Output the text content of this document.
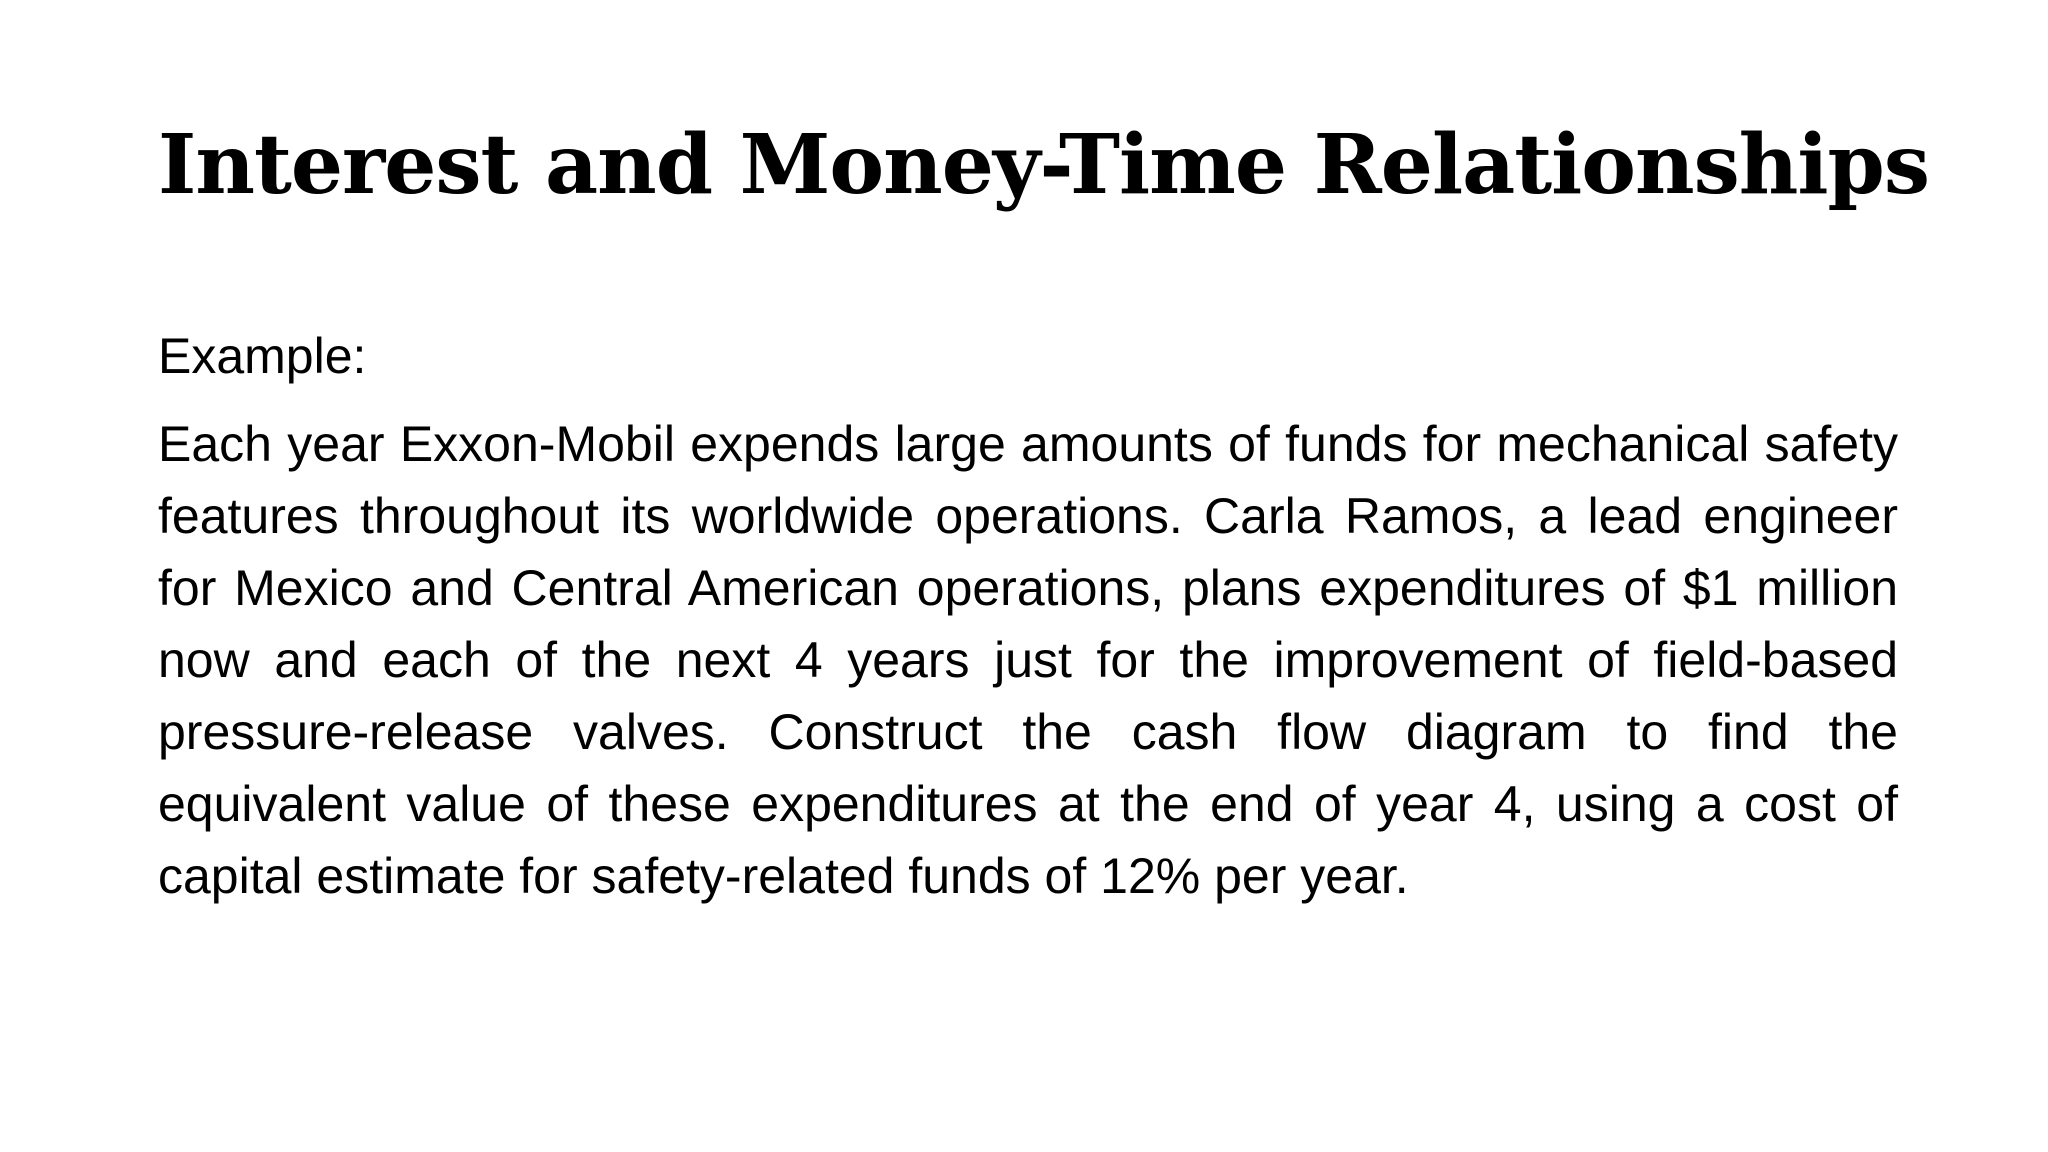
Interest and Money-Time Relationships

Example:

Each year Exxon-Mobil expends large amounts of funds for mechanical safety features throughout its worldwide operations. Carla Ramos, a lead engineer for Mexico and Central American operations, plans expenditures of $1 million now and each of the next 4 years just for the improvement of field-based pressure-release valves. Construct the cash flow diagram to find the equivalent value of these expenditures at the end of year 4, using a cost of capital estimate for safety-related funds of 12% per year.
